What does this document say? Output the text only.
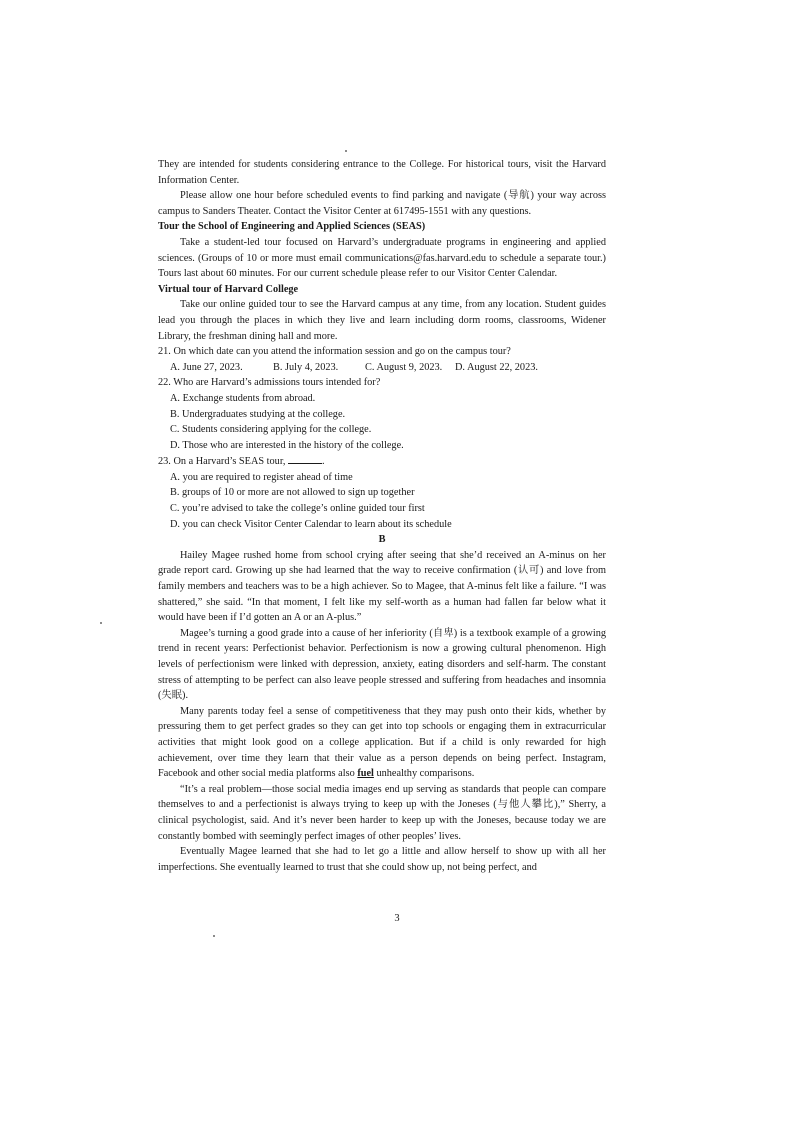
They are intended for students considering entrance to the College. For historical tours, visit the Harvard Information Center.

Please allow one hour before scheduled events to find parking and navigate (导航) your way across campus to Sanders Theater. Contact the Visitor Center at 617495-1551 with any questions.

Tour the School of Engineering and Applied Sciences (SEAS)

Take a student-led tour focused on Harvard’s undergraduate programs in engineering and applied sciences. (Groups of 10 or more must email communications@fas.harvard.edu to schedule a separate tour.) Tours last about 60 minutes. For our current schedule please refer to our Visitor Center Calendar.

Virtual tour of Harvard College

Take our online guided tour to see the Harvard campus at any time, from any location. Student guides lead you through the places in which they live and learn including dorm rooms, classrooms, Widener Library, the freshman dining hall and more.

21. On which date can you attend the information session and go on the campus tour?

A. June 27, 2023.	B. July 4, 2023.	C. August 9, 2023.	D. August 22, 2023.

22. Who are Harvard’s admissions tours intended for?

A. Exchange students from abroad.

B. Undergraduates studying at the college.

C. Students considering applying for the college.

D. Those who are interested in the history of the college.

23. On a Harvard’s SEAS tour,	.

A. you are required to register ahead of time

B. groups of 10 or more are not allowed to sign up together

C. you’re advised to take the college’s online guided tour first

D. you can check Visitor Center Calendar to learn about its schedule

B

Hailey Magee rushed home from school crying after seeing that she’d received an A-minus on her grade report card. Growing up she had learned that the way to receive confirmation (认可) and love from family members and teachers was to be a high achiever. So to Magee, that A-minus felt like a failure. “I was shattered,” she said. “In that moment, I felt like my self-worth as a human had fallen far below what it would have been if I’d gotten an A or an A-plus.”

Magee’s turning a good grade into a cause of her inferiority (自卑) is a textbook example of a growing trend in recent years: Perfectionist behavior. Perfectionism is now a growing cultural phenomenon. High levels of perfectionism were linked with depression, anxiety, eating disorders and self-harm. The constant stress of attempting to be perfect can also leave people stressed and suffering from headaches and insomnia (失眠).

Many parents today feel a sense of competitiveness that they may push onto their kids, whether by pressuring them to get perfect grades so they can get into top schools or engaging them in extracurricular activities that might look good on a college application. But if a child is only rewarded for high achievement, over time they learn that their value as a person depends on being perfect. Instagram, Facebook and other social media platforms also fuel unhealthy comparisons.

“It’s a real problem—those social media images end up serving as standards that people can compare themselves to and a perfectionist is always trying to keep up with the Joneses (与他人攀比),” Sherry, a clinical psychologist, said. And it’s never been harder to keep up with the Joneses, because today we are constantly bombed with seemingly perfect images of other peoples’ lives.

Eventually Magee learned that she had to let go a little and allow herself to show up with all her imperfections. She eventually learned to trust that she could show up, not being perfect, and

3
